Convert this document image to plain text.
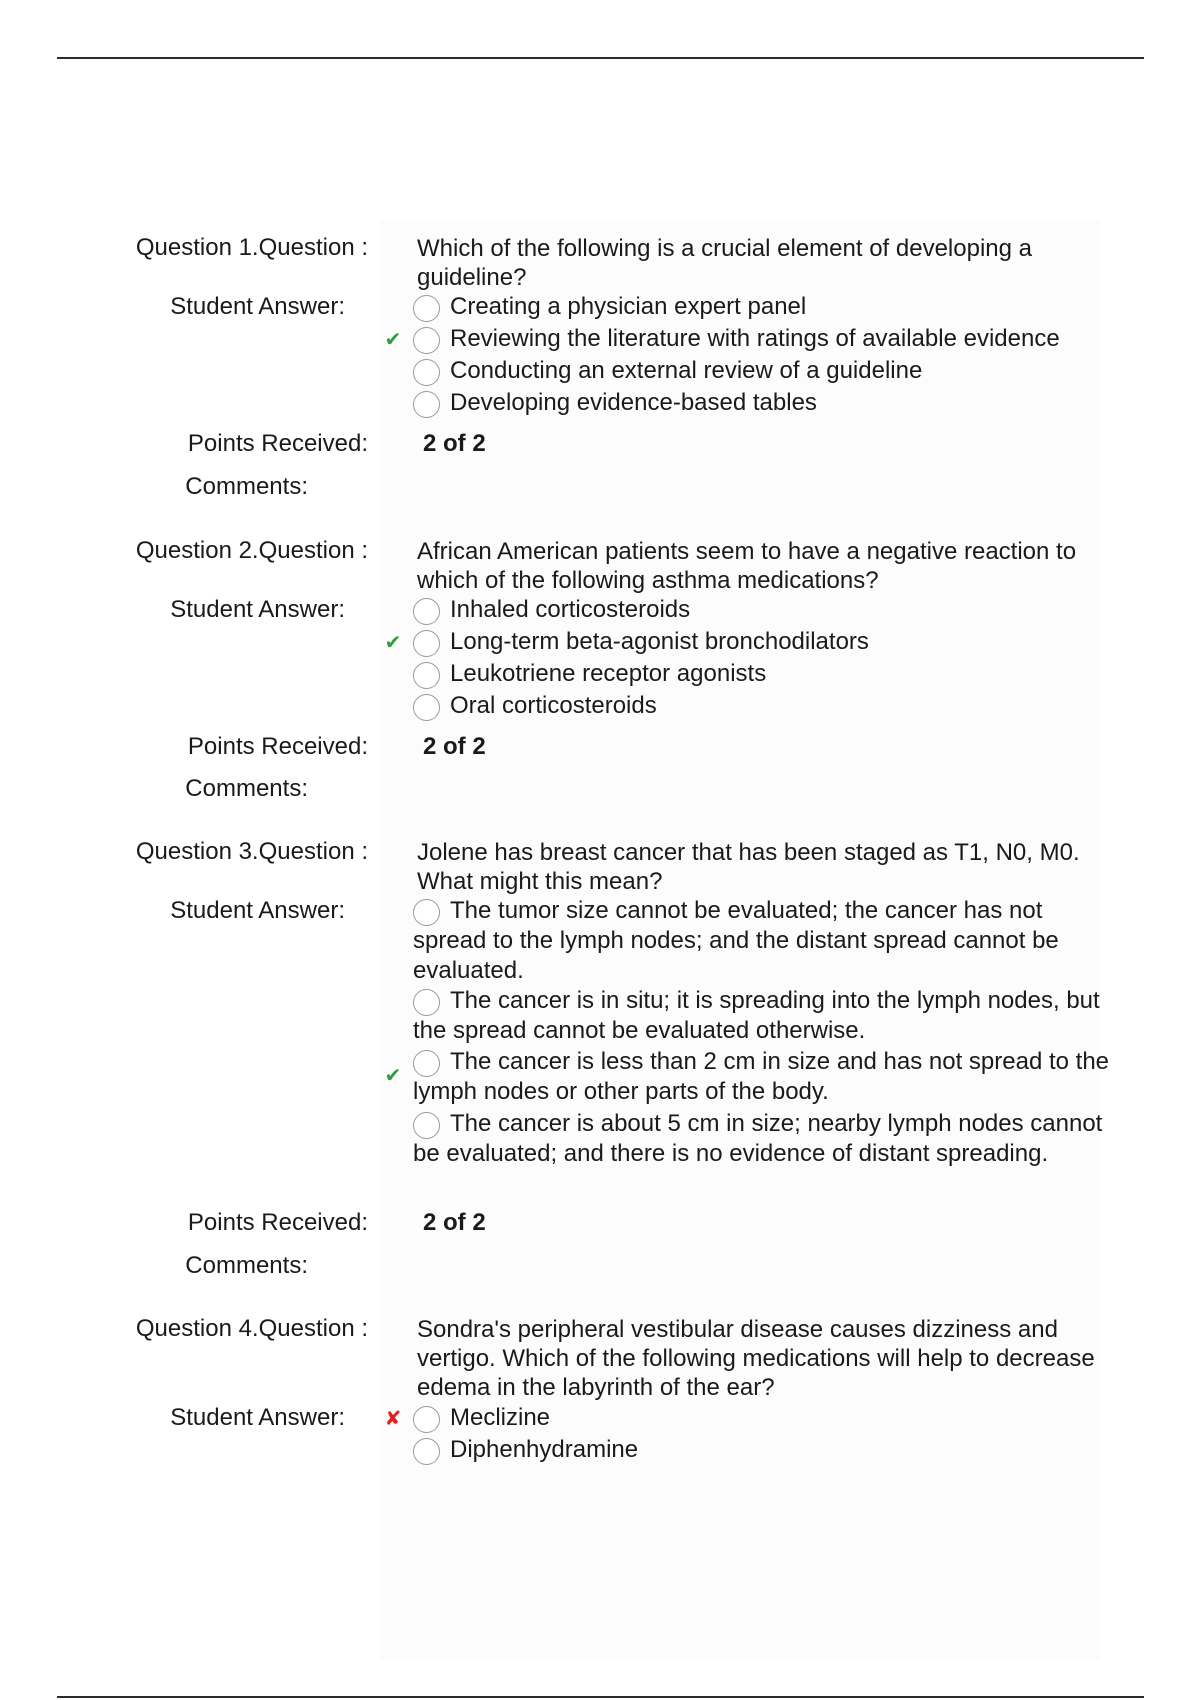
Question 1.Question : Which of the following is a crucial element of developing a guideline?
Student Answer:	Creating a physician expert panel
✔ Reviewing the literature with ratings of available evidence
Conducting an external review of a guideline
Developing evidence-based tables
Points Received: 2 of 2
Comments:
Question 2.Question : African American patients seem to have a negative reaction to which of the following asthma medications?
Student Answer:	Inhaled corticosteroids
✔ Long-term beta-agonist bronchodilators
Leukotriene receptor agonists
Oral corticosteroids
Points Received: 2 of 2
Comments:
Question 3.Question : Jolene has breast cancer that has been staged as T1, N0, M0. What might this mean?
Student Answer:	The tumor size cannot be evaluated; the cancer has not spread to the lymph nodes; and the distant spread cannot be evaluated.
The cancer is in situ; it is spreading into the lymph nodes, but the spread cannot be evaluated otherwise.
✔
The cancer is less than 2 cm in size and has not spread to the lymph nodes or other parts of the body.
The cancer is about 5 cm in size; nearby lymph nodes cannot be evaluated; and there is no evidence of distant spreading.
Points Received: 2 of 2
Comments:
Question 4.Question : Sondra's peripheral vestibular disease causes dizziness and vertigo. Which of the following medications will help to decrease edema in the labyrinth of the ear?
Student Answer: ✘ Meclizine
Diphenhydramine
